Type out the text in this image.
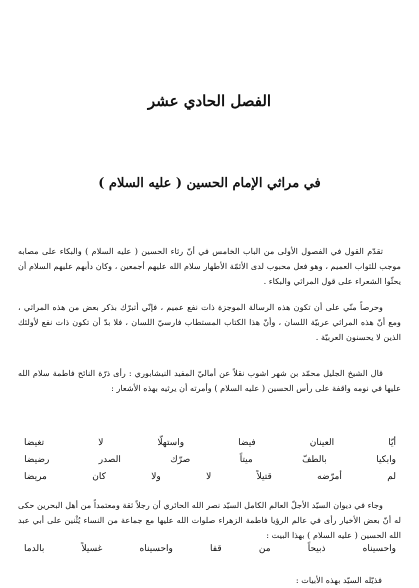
الفصل الحادي عشر
في مراثي الإمام الحسين ( عليه السلام )

تقدّم القول في الفصول الأولى من الباب الخامس في أنّ رثاء الحسين ( عليه السلام ) والبكاء على مصابه موجب للثواب العميم ، وهو فعل محبوب لدى الأئمّة الأطهار سلام الله عليهم أجمعين ، وكان دأبهم عليهم السلام أن يحثّوا الشعراء على قول المراثي والبكاء .

وحرصاً منّي على أن تكون هذه الرسالة الموجزة ذات نفع عميم ، فإنّي أتبرّك بذكر بعض من هذه المراثي ، ومع أنّ هذه المراثي عربيّة اللسان ، وأنّ هذا الكتاب المستطاب فارسيّ اللسان ، فلا بدّ أن تكون ذات نفع لأولئك الذين لا يحسنون العربيّة .

قال الشيخ الجليل محمّد بن شهر اشوب نقلاً عن أماليّ المفيد النيشابوري : رأى ذرّة النائح فاطمة سلام الله عليها في نومه واقفة على رأس الحسين ( عليه السلام ) وأمرته أن يرثيه بهذه الأشعار :

أيّا
العينان
فيضا
واستهلّا
لا
تغيضا
وابكيا
بالطفّ
ميتاً
صرّك
الصدر
رضيضا
لم
أمرّضه
قتيلاً
لا
ولا
كان
مريضا

وجاء في ديوان السيّد الأجلّ العالم الكامل السيّد نصر الله الحائري أن رجلاً ثقة ومعتمداً من أهل البحرين حكى له أنّ بعض الأخيار رأى في عالم الرؤيا فاطمة الزهراء صلوات الله عليها مع جماعة من النساء يُثْنين على أبي عبد الله الحسين ( عليه السلام ) بهذا البيت :

واحسيناه
ذبيحاً
من
قفا
واحسيناه
غسيلاً
بالدما

فذيّله السيّد بهذه الأبيات :
